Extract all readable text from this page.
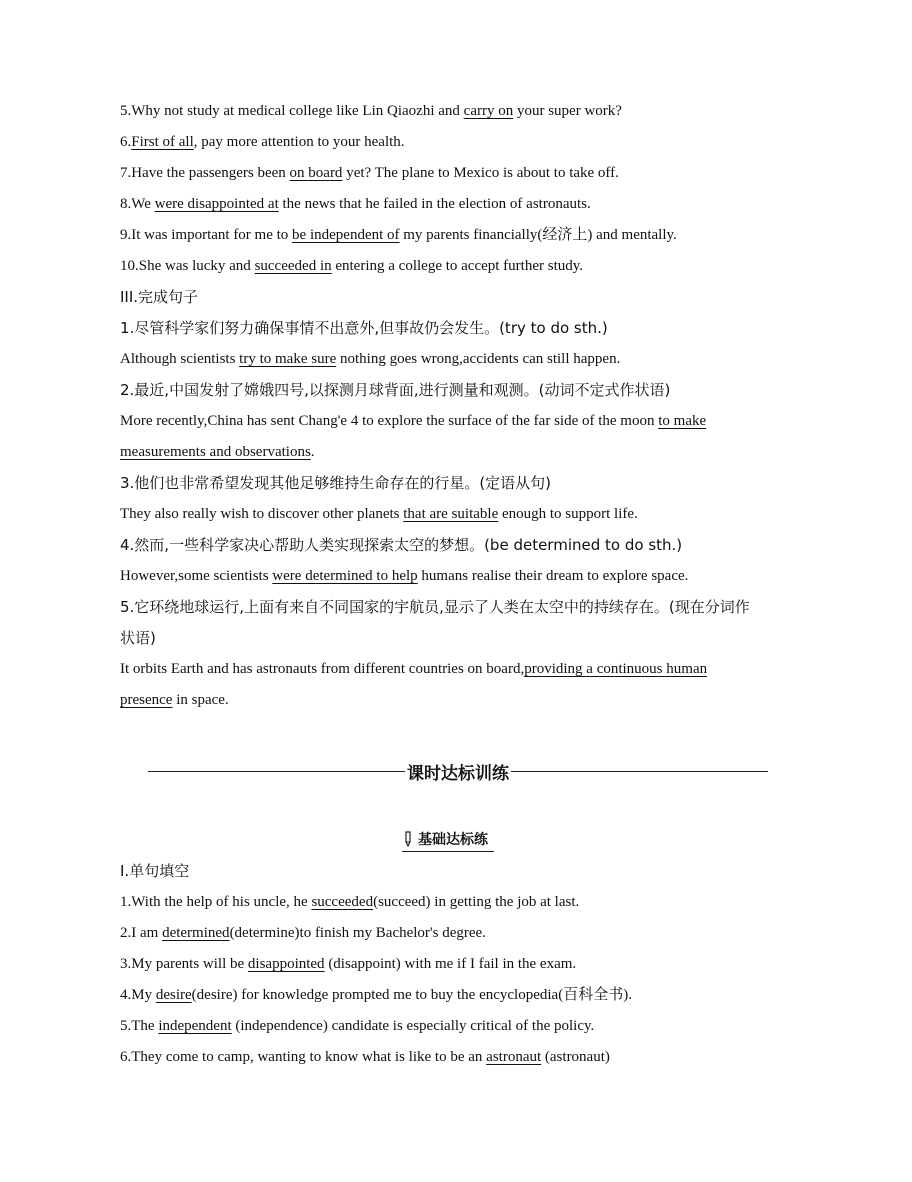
5.Why not study at medical college like Lin Qiaozhi and carry on your super work?
6.First of all, pay more attention to your health.
7.Have the passengers been on board yet? The plane to Mexico is about to take off.
8.We were disappointed at the news that he failed in the election of astronauts.
9.It was important for me to be independent of my parents financially(经济上) and mentally.
10.She was lucky and succeeded in entering a college to accept further study.
III.完成句子
1.尽管科学家们努力确保事情不出意外,但事故仍会发生。(try to do sth.)
Although scientists try to make sure nothing goes wrong,accidents can still happen.
2.最近,中国发射了嫦娥四号,以探测月球背面,进行测量和观测。(动词不定式作状语)
More recently,China has sent Chang'e 4 to explore the surface of the far side of the moon to make
measurements and observations.
3.他们也非常希望发现其他足够维持生命存在的行星。(定语从句)
They also really wish to discover other planets that are suitable enough to support life.
4.然而,一些科学家决心帮助人类实现探索太空的梦想。(be determined to do sth.)
However,some scientists were determined to help humans realise their dream to explore space.
5.它环绕地球运行,上面有来自不同国家的宇航员,显示了人类在太空中的持续存在。(现在分词作
状语)
It orbits Earth and has astronauts from different countries on board,providing a continuous human
presence in space.
课时达标训练
基础达标练
I.单句填空
1.With the help of his uncle, he succeeded(succeed) in getting the job at last.
2.I am determined(determine)to finish my Bachelor's degree.
3.My parents will be disappointed (disappoint) with me if I fail in the exam.
4.My desire(desire) for knowledge prompted me to buy the encyclopedia(百科全书).
5.The independent (independence) candidate is especially critical of the policy.
6.They come to camp, wanting to know what is like to be an astronaut (astronaut)
